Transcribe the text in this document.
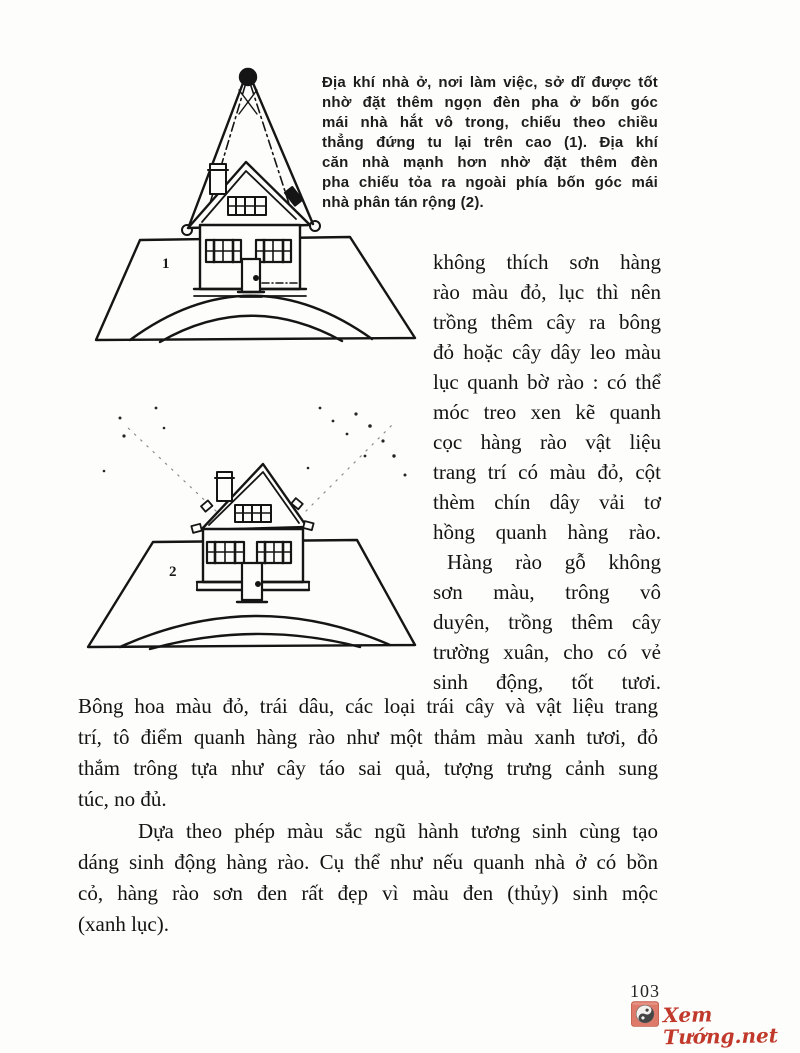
1
Địa khí nhà ở, nơi làm việc, sở dĩ được tốt
nhờ đặt thêm ngọn đèn pha ở bốn góc
mái nhà hắt vô trong, chiếu theo chiều
thẳng đứng tu lại trên cao (1). Địa khí
căn nhà mạnh hơn nhờ đặt thêm đèn
pha chiếu tỏa ra ngoài phía bốn góc mái
nhà phân tán rộng (2).
không thích sơn hàng
rào màu đỏ, lục thì nên
trồng thêm cây ra bông
đỏ hoặc cây dây leo màu
lục quanh bờ rào : có thể
móc treo xen kẽ quanh
cọc hàng rào vật liệu
trang trí có màu đỏ, cột
thèm chín dây vải tơ
hồng quanh hàng rào.
Hàng rào gỗ không
sơn màu, trông vô
duyên, trồng thêm cây
trường xuân, cho có vẻ
sinh động, tốt tươi.
2
Bông hoa màu đỏ, trái dâu, các loại trái cây và vật liệu trang
trí, tô điểm quanh hàng rào như một thảm màu xanh tươi, đỏ
thắm trông tựa như cây táo sai quả, tượng trưng cảnh sung
túc, no đủ.
Dựa theo phép màu sắc ngũ hành tương sinh cùng tạo
dáng sinh động hàng rào. Cụ thể như nếu quanh nhà ở có bồn
cỏ, hàng rào sơn đen rất đẹp vì màu đen (thủy) sinh mộc
(xanh lục).
103
Xem Tướng.net
